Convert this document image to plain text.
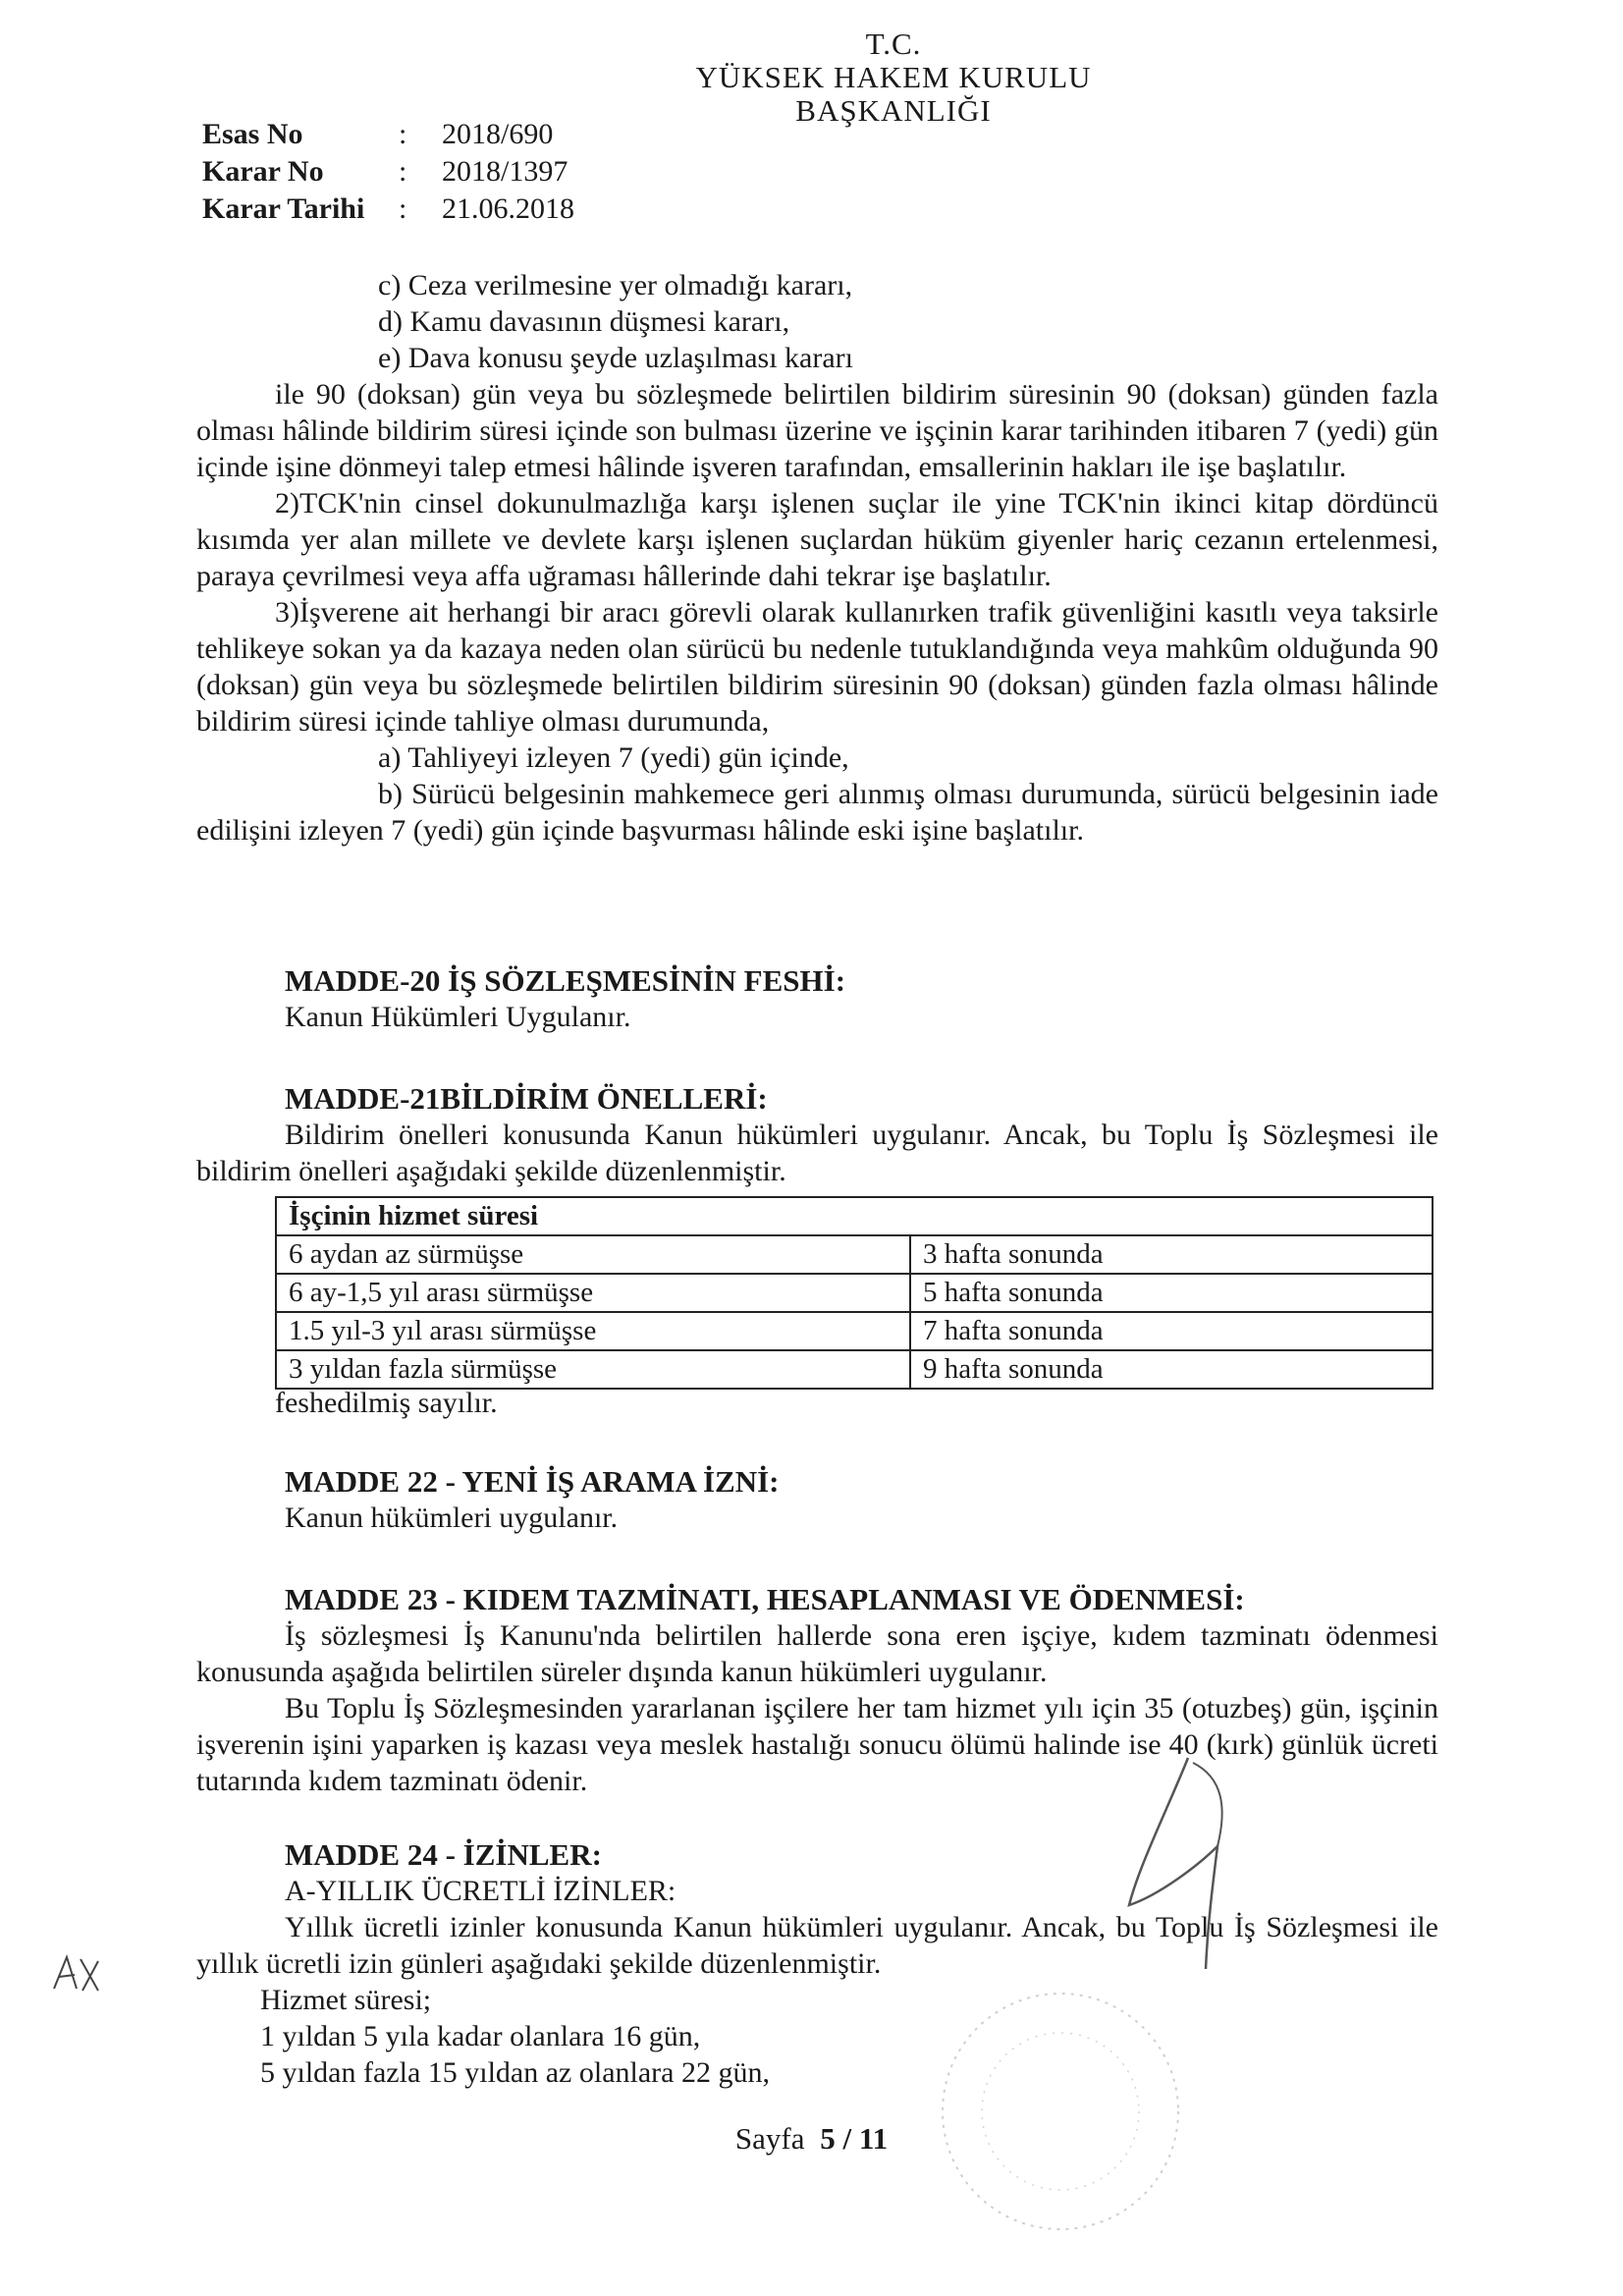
T.C.
YÜKSEK HAKEM KURULU
BAŞKANLIĞI
Esas No	:	2018/690
Karar No	:	2018/1397
Karar Tarihi	:	21.06.2018

c) Ceza verilmesine yer olmadığı kararı,

d) Kamu davasının düşmesi kararı,

e) Dava konusu şeyde uzlaşılması kararı

ile 90 (doksan) gün veya bu sözleşmede belirtilen bildirim süresinin 90 (doksan) günden fazla olması hâlinde bildirim süresi içinde son bulması üzerine ve işçinin karar tarihinden itibaren 7 (yedi) gün içinde işine dönmeyi talep etmesi hâlinde işveren tarafından, emsallerinin hakları ile işe başlatılır.

2)TCK'nin cinsel dokunulmazlığa karşı işlenen suçlar ile yine TCK'nin ikinci kitap dördüncü kısımda yer alan millete ve devlete karşı işlenen suçlardan hüküm giyenler hariç cezanın ertelenmesi, paraya çevrilmesi veya affa uğraması hâllerinde dahi tekrar işe başlatılır.

3)İşverene ait herhangi bir aracı görevli olarak kullanırken trafik güvenliğini kasıtlı veya taksirle tehlikeye sokan ya da kazaya neden olan sürücü bu nedenle tutuklandığında veya mahkûm olduğunda 90 (doksan) gün veya bu sözleşmede belirtilen bildirim süresinin 90 (doksan) günden fazla olması hâlinde bildirim süresi içinde tahliye olması durumunda,

a) Tahliyeyi izleyen 7 (yedi) gün içinde,

b) Sürücü belgesinin mahkemece geri alınmış olması durumunda, sürücü belgesinin iade edilişini izleyen 7 (yedi) gün içinde başvurması hâlinde eski işine başlatılır.

MADDE-20 İŞ SÖZLEŞMESİNİN FESHİ:

Kanun Hükümleri Uygulanır.

MADDE-21BİLDİRİM ÖNELLERİ:

Bildirim önelleri konusunda Kanun hükümleri uygulanır. Ancak, bu Toplu İş Sözleşmesi ile bildirim önelleri aşağıdaki şekilde düzenlenmiştir.

İşçinin hizmet süresi	
6 aydan az sürmüşse	3 hafta sonunda
6 ay-1,5 yıl arası sürmüşse	5 hafta sonunda
1.5 yıl-3 yıl arası sürmüşse	7 hafta sonunda
3 yıldan fazla sürmüşse	9 hafta sonunda

feshedilmiş sayılır.

MADDE 22 - YENİ İŞ ARAMA İZNİ:

Kanun hükümleri uygulanır.

MADDE 23 - KIDEM TAZMİNATI, HESAPLANMASI VE ÖDENMESİ:

İş sözleşmesi İş Kanunu'nda belirtilen hallerde sona eren işçiye, kıdem tazminatı ödenmesi konusunda aşağıda belirtilen süreler dışında kanun hükümleri uygulanır.

Bu Toplu İş Sözleşmesinden yararlanan işçilere her tam hizmet yılı için 35 (otuzbeş) gün, işçinin işverenin işini yaparken iş kazası veya meslek hastalığı sonucu ölümü halinde ise 40 (kırk) günlük ücreti tutarında kıdem tazminatı ödenir.

MADDE 24 - İZİNLER:

A-YILLIK ÜCRETLİ İZİNLER:

Yıllık ücretli izinler konusunda Kanun hükümleri uygulanır. Ancak, bu Toplu İş Sözleşmesi ile yıllık ücretli izin günleri aşağıdaki şekilde düzenlenmiştir.

Hizmet süresi;

1 yıldan 5 yıla kadar olanlara 16 gün,

5 yıldan fazla 15 yıldan az olanlara 22 gün,

Sayfa 5 / 11
